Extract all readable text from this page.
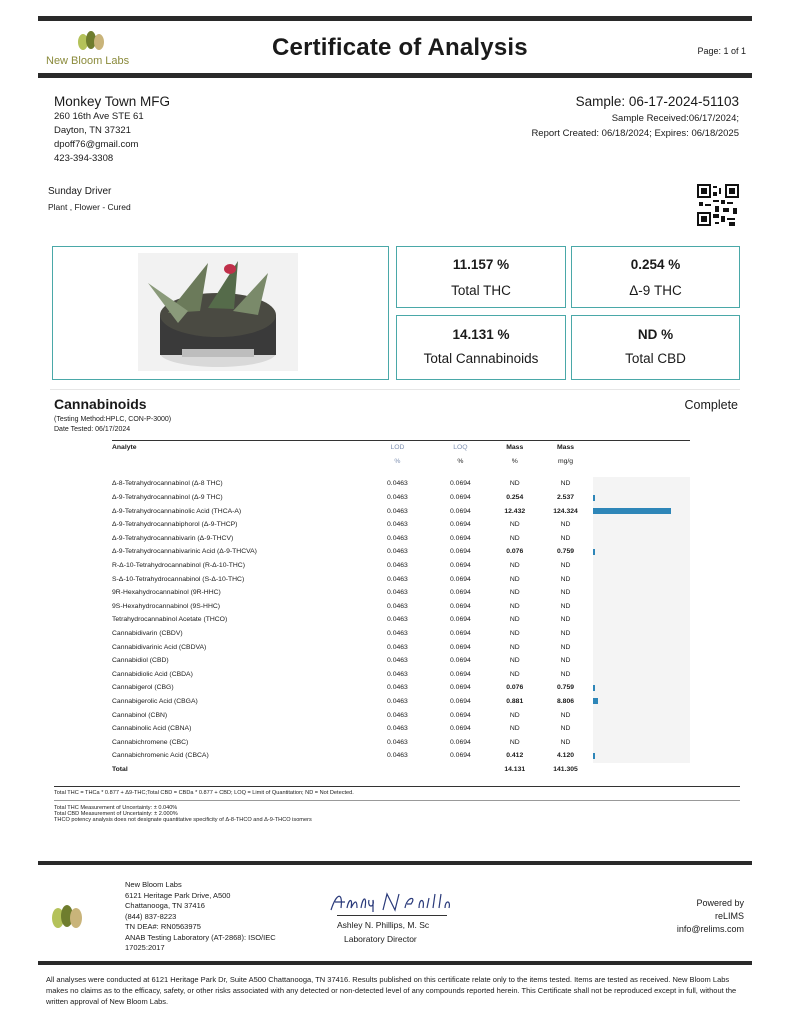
New Bloom Labs	Certificate of Analysis	Page: 1 of 1
Monkey Town MFG
260 16th Ave STE 61
Dayton, TN 37321
dpoff76@gmail.com
423-394-3308
Sample: 06-17-2024-51103
Sample Received:06/17/2024;
Report Created: 06/18/2024; Expires: 06/18/2025
Sunday Driver
Plant , Flower - Cured
11.157 %
Total THC
0.254 %
Δ-9 THC
14.131 %
Total Cannabinoids
ND %
Total CBD
Cannabinoids	Complete
(Testing Method:HPLC, CON-P-3000)
Date Tested: 06/17/2024
Analyte	LOD	LOQ	Mass	Mass	
	%	%	%	mg/g	

Δ-8-Tetrahydrocannabinol (Δ-8 THC)	0.0463	0.0694	ND	ND	
Δ-9-Tetrahydrocannabinol (Δ-9 THC)	0.0463	0.0694	0.254	2.537	

Δ-9-Tetrahydrocannabinolic Acid (THCA-A)	0.0463	0.0694	12.432	124.324	

Δ-9-Tetrahydrocannabiphorol (Δ-9-THCP)	0.0463	0.0694	ND	ND	
Δ-9-Tetrahydrocannabivarin (Δ-9-THCV)	0.0463	0.0694	ND	ND	
Δ-9-Tetrahydrocannabivarinic Acid (Δ-9-THCVA)	0.0463	0.0694	0.076	0.759	

R-Δ-10-Tetrahydrocannabinol (R-Δ-10-THC)	0.0463	0.0694	ND	ND	
S-Δ-10-Tetrahydrocannabinol (S-Δ-10-THC)	0.0463	0.0694	ND	ND	
9R-Hexahydrocannabinol (9R-HHC)	0.0463	0.0694	ND	ND	
9S-Hexahydrocannabinol (9S-HHC)	0.0463	0.0694	ND	ND	
Tetrahydrocannabinol Acetate (THCO)	0.0463	0.0694	ND	ND	
Cannabidivarin (CBDV)	0.0463	0.0694	ND	ND	
Cannabidivarinic Acid (CBDVA)	0.0463	0.0694	ND	ND	
Cannabidiol (CBD)	0.0463	0.0694	ND	ND	
Cannabidiolic Acid (CBDA)	0.0463	0.0694	ND	ND	
Cannabigerol (CBG)	0.0463	0.0694	0.076	0.759	

Cannabigerolic Acid (CBGA)	0.0463	0.0694	0.881	8.806	

Cannabinol (CBN)	0.0463	0.0694	ND	ND	
Cannabinolic Acid (CBNA)	0.0463	0.0694	ND	ND	
Cannabichromene (CBC)	0.0463	0.0694	ND	ND	
Cannabichromenic Acid (CBCA)	0.0463	0.0694	0.412	4.120	

Total			14.131	141.305	
Total THC = THCa * 0.877 + Δ9-THC;Total CBD = CBDa * 0.877 + CBD; LOQ = Limit of Quantitation; ND = Not Detected.
Total THC Measurement of Uncertainty: ± 0.040%
Total CBD Measurement of Uncertainty: ± 2.000%
THCO potency analysis does not designate quantitative specificity of Δ-8-THCO and Δ-9-THCO isomers
New Bloom Labs
6121 Heritage Park Drive, A500
Chattanooga, TN 37416
(844) 837-8223
TN DEA#: RN0563975
ANAB Testing Laboratory (AT-2868): ISO/IEC
17025:2017
Ashley N. Phillips, M. Sc
Laboratory Director
Powered by
reLIMS
info@relims.com
All analyses were conducted at 6121 Heritage Park Dr, Suite A500 Chattanooga, TN 37416. Results published on this certificate relate only to the items tested. Items are tested as received. New Bloom Labs makes no claims as to the efficacy, safety, or other risks associated with any detected or non-detected level of any compounds reported herein. This Certificate shall not be reproduced except in full, without the written approval of New Bloom Labs.
